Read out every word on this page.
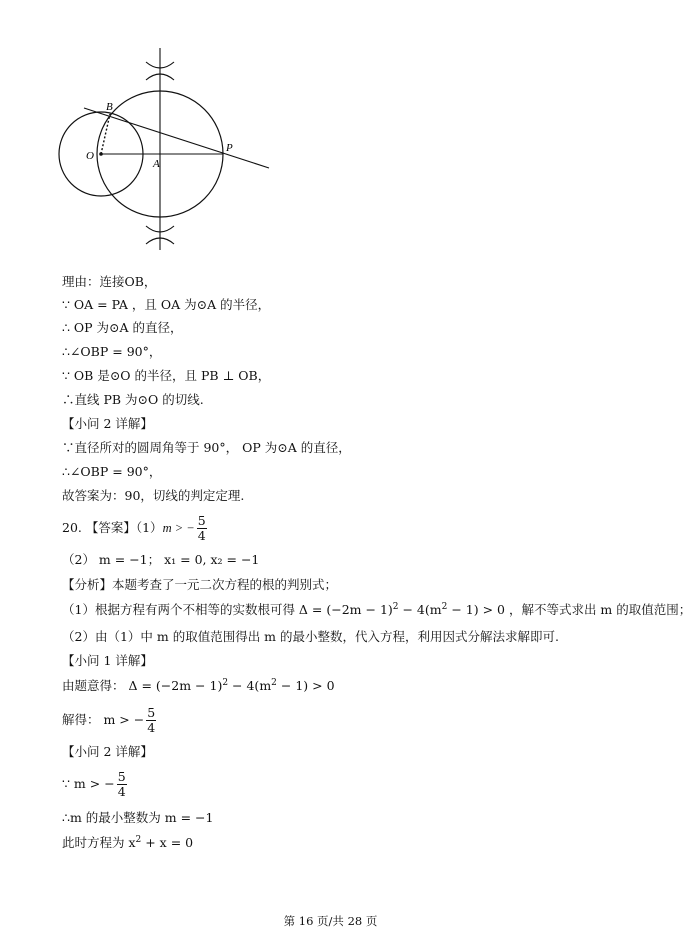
B
O
A
P
理由：连接OB，
∵ OA = PA ，且 OA 为⊙A 的半径，
∴ OP 为⊙A 的直径，
∴∠OBP = 90°，
∵ OB 是⊙O 的半径，且 PB ⊥ OB，
∴直线 PB 为⊙O 的切线.
【小问 2 详解】
∵直径所对的圆周角等于 90°， OP 为⊙A 的直径，
∴∠OBP = 90°，
故答案为：90，切线的判定定理.
20. 【答案】（1）m > − $\frac{5}{4}$
（2） m = −1； x₁ = 0, x₂ = −1
【分析】本题考查了一元二次方程的根的判别式；
（1）根据方程有两个不相等的实数根可得 $\Delta = (-2m - 1)^2 - 4(m^2 - 1) > 0$ ，解不等式求出 m 的取值范围；
（2）由（1）中 m 的取值范围得出 m 的最小整数，代入方程，利用因式分解法求解即可.
【小问 1 详解】
由题意得： $\Delta = (-2m - 1)^2 - 4(m^2 - 1) > 0$
解得： m > − $\frac{5}{4}$
【小问 2 详解】
∵ m > − $\frac{5}{4}$
∴m 的最小整数为 m = −1
此时方程为 $x^2 + x = 0$
第 16 页/共 28 页
